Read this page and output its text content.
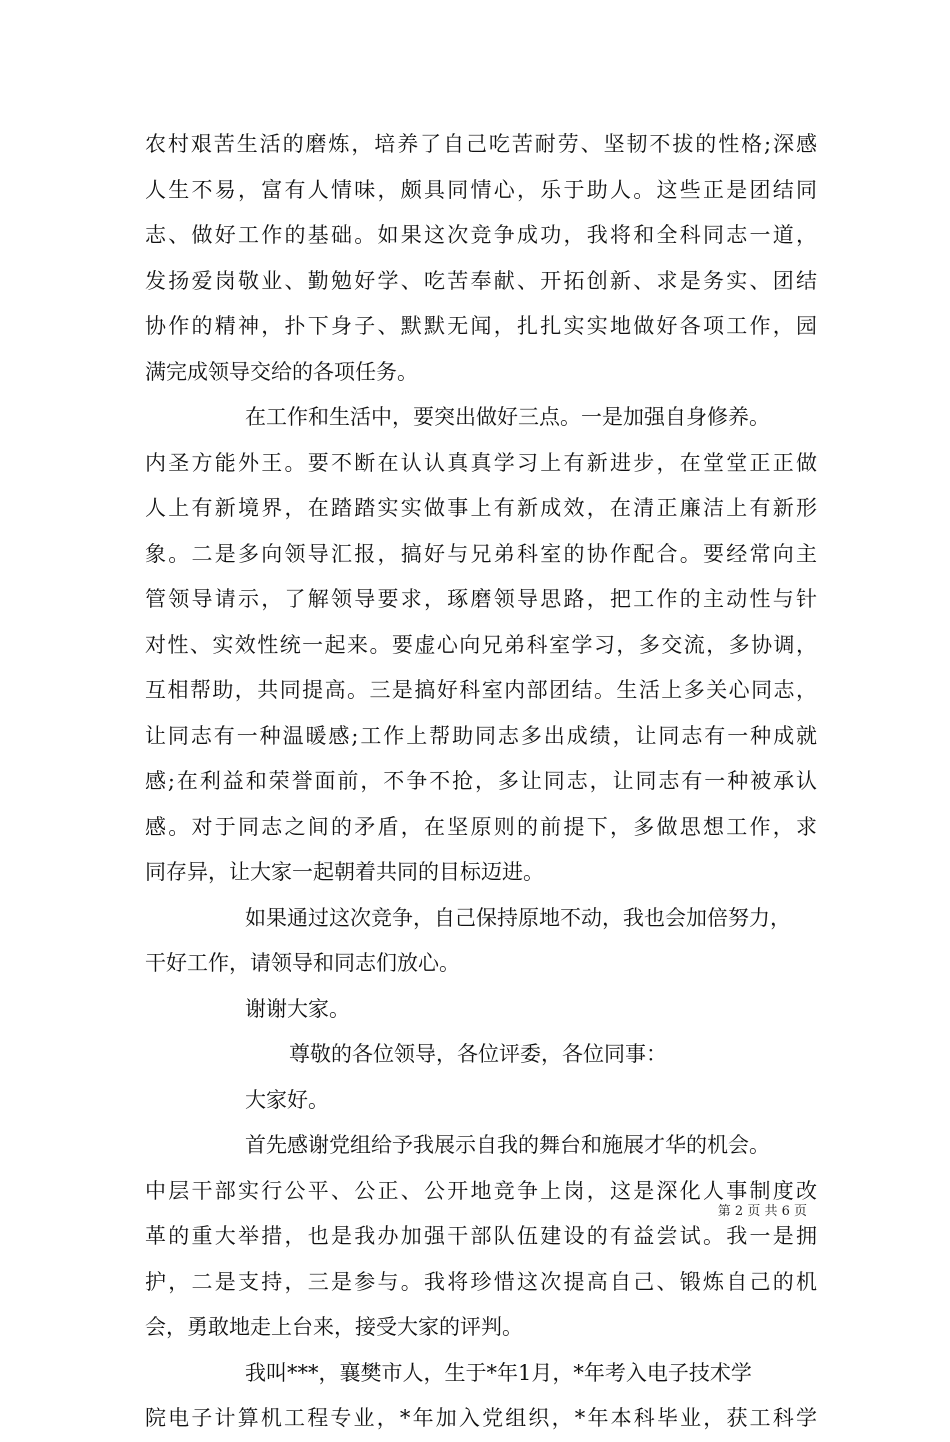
农村艰苦生活的磨炼，培养了自己吃苦耐劳、坚韧不拔的性格;深感
人生不易，富有人情味，颇具同情心，乐于助人。这些正是团结同
志、做好工作的基础。如果这次竞争成功，我将和全科同志一道，
发扬爱岗敬业、勤勉好学、吃苦奉献、开拓创新、求是务实、团结
协作的精神，扑下身子、默默无闻，扎扎实实地做好各项工作，园
满完成领导交给的各项任务。
在工作和生活中，要突出做好三点。一是加强自身修养。
内圣方能外王。要不断在认认真真学习上有新进步，在堂堂正正做
人上有新境界，在踏踏实实做事上有新成效，在清正廉洁上有新形
象。二是多向领导汇报，搞好与兄弟科室的协作配合。要经常向主
管领导请示，了解领导要求，琢磨领导思路，把工作的主动性与针
对性、实效性统一起来。要虚心向兄弟科室学习，多交流，多协调，
互相帮助，共同提高。三是搞好科室内部团结。生活上多关心同志，
让同志有一种温暖感;工作上帮助同志多出成绩，让同志有一种成就
感;在利益和荣誉面前，不争不抢，多让同志，让同志有一种被承认
感。对于同志之间的矛盾，在坚原则的前提下，多做思想工作，求
同存异，让大家一起朝着共同的目标迈进。
如果通过这次竞争，自己保持原地不动，我也会加倍努力，
干好工作，请领导和同志们放心。
谢谢大家。
尊敬的各位领导，各位评委，各位同事：
大家好。
首先感谢党组给予我展示自我的舞台和施展才华的机会。
中层干部实行公平、公正、公开地竞争上岗，这是深化人事制度改
革的重大举措，也是我办加强干部队伍建设的有益尝试。我一是拥
护，二是支持，三是参与。我将珍惜这次提高自己、锻炼自己的机
会，勇敢地走上台来，接受大家的评判。
我叫***，襄樊市人，生于*年1月，*年考入电子技术学
院电子计算机工程专业，*年加入党组织，*年本科毕业，获工科学
第 2 页 共 6 页
